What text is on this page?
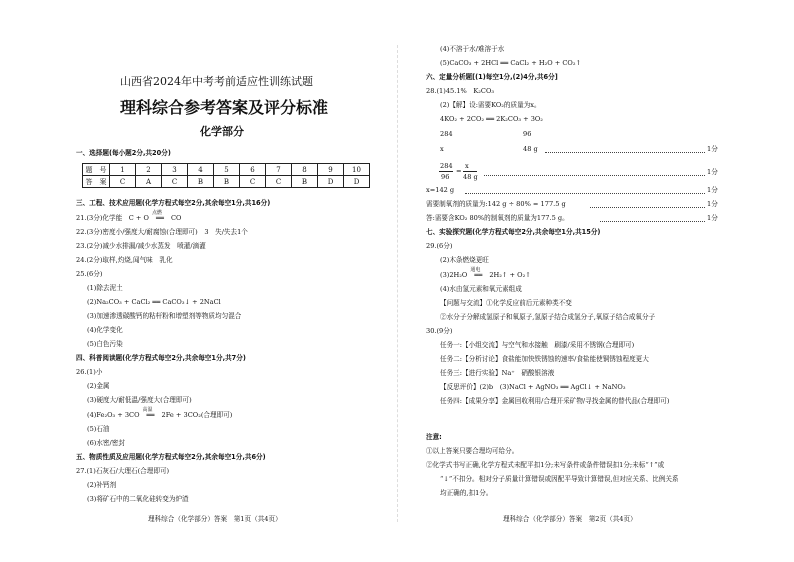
山西省2024年中考考前适应性训练试题
理科综合参考答案及评分标准
化学部分
一、选择题(每小题2分,共20分)
题　号	1	2	3	4	5	6	7	8	9	10
答　案	C	A	C	B	B	C	C	B	D	D
三、工程、技术应用题(化学方程式每空2分,其余每空1分,共16分)
21.(3分)化学能　C + O
点燃
══ CO
22.(3分)密度小/强度大/耐腐蚀(合理即可)　3　失/失去1个
23.(2分)减少水排漏/减少水蒸发　喷灌/滴灌
24.(2分)取样,灼烧,闻气味　乳化
25.(6分)
(1)除去泥土
(2)Na₂CO₃ + CaCl₂ ══ CaCO₃↓ + 2NaCl
(3)加速渗透碳酸钙的粘杆粉和增塑剂等物质均匀混合
(4)化学变化
(5)白色污染
四、科普阅读题(化学方程式每空2分,共余每空1分,共7分)
26.(1)小
(2)金属
(3)硬度大/耐低温/强度大(合理即可)
(4)Fe₂O₃ + 3CO
高温
══ 2Fe + 3CO₂(合理即可)
(5)石油
(6)水密/密封
五、物质性质及应用题(化学方程式每空2分,其余每空1分,共6分)
27.(1)石灰石/大理石(合理即可)
(2)补钙剂
(3)将矿石中的二氧化硅转变为炉渣
理科综合（化学部分）答案　第1页（共4页）
(4)不溶于水/难溶于水
(5)CaCO₃ + 2HCl ══ CaCl₂ + H₂O + CO₂↑
六、定量分析题[(1)每空1分,(2)4分,共6分]
28.(1)45.1%　K₂CO₃
(2)【解】设:需要KO₂的质量为x。
4KO₂ + 2CO₂ ══ 2K₂CO₃ + 3O₂
284	96
x	48 g	1分
284
96
=
x
48 g
1分
x=142 g	1分
需要制氧剂的质量为:142 g ÷ 80% = 177.5 g	1分
答:需要含KO₂ 80%的制氧剂的质量为177.5 g。	1分
七、实验探究题(化学方程式每空2分,共余每空1分,共15分)
29.(6分)
(2)木条燃烧更旺
(3)2H₂O
通电
══ 2H₂↑ + O₂↑
(4)水由氢元素和氧元素组成
【问题与交流】①化学反应前后元素种类不变
②水分子分解成氢原子和氧原子,氢原子结合成氢分子,氧原子结合成氧分子
30.(9分)
任务一:【小组交流】与空气和水接触　刷漆/采用不锈钢(合理即可)
任务二:【分析讨论】食盐能加快铁锈蚀的速率/食盐能使铜锈蚀程度更大
任务三:【进行实验】Na⁺　硝酸银溶液
【反思评价】(2)b　(3)NaCl + AgNO₃ ══ AgCl↓ + NaNO₃
任务四:【成果分享】金属回收利用/合理开采矿物/寻找金属的替代品(合理即可)
注意:
①以上答案只要合理均可给分。
②化学式书写正确,化学方程式未配平扣1分;未写条件或条件错误扣1分;未标“↑”或
“↓”不扣分。相对分子质量计算错误或因配平导致计算错误,但对应关系、比例关系
均正确的,扣1分。
理科综合（化学部分）答案　第2页（共4页）
